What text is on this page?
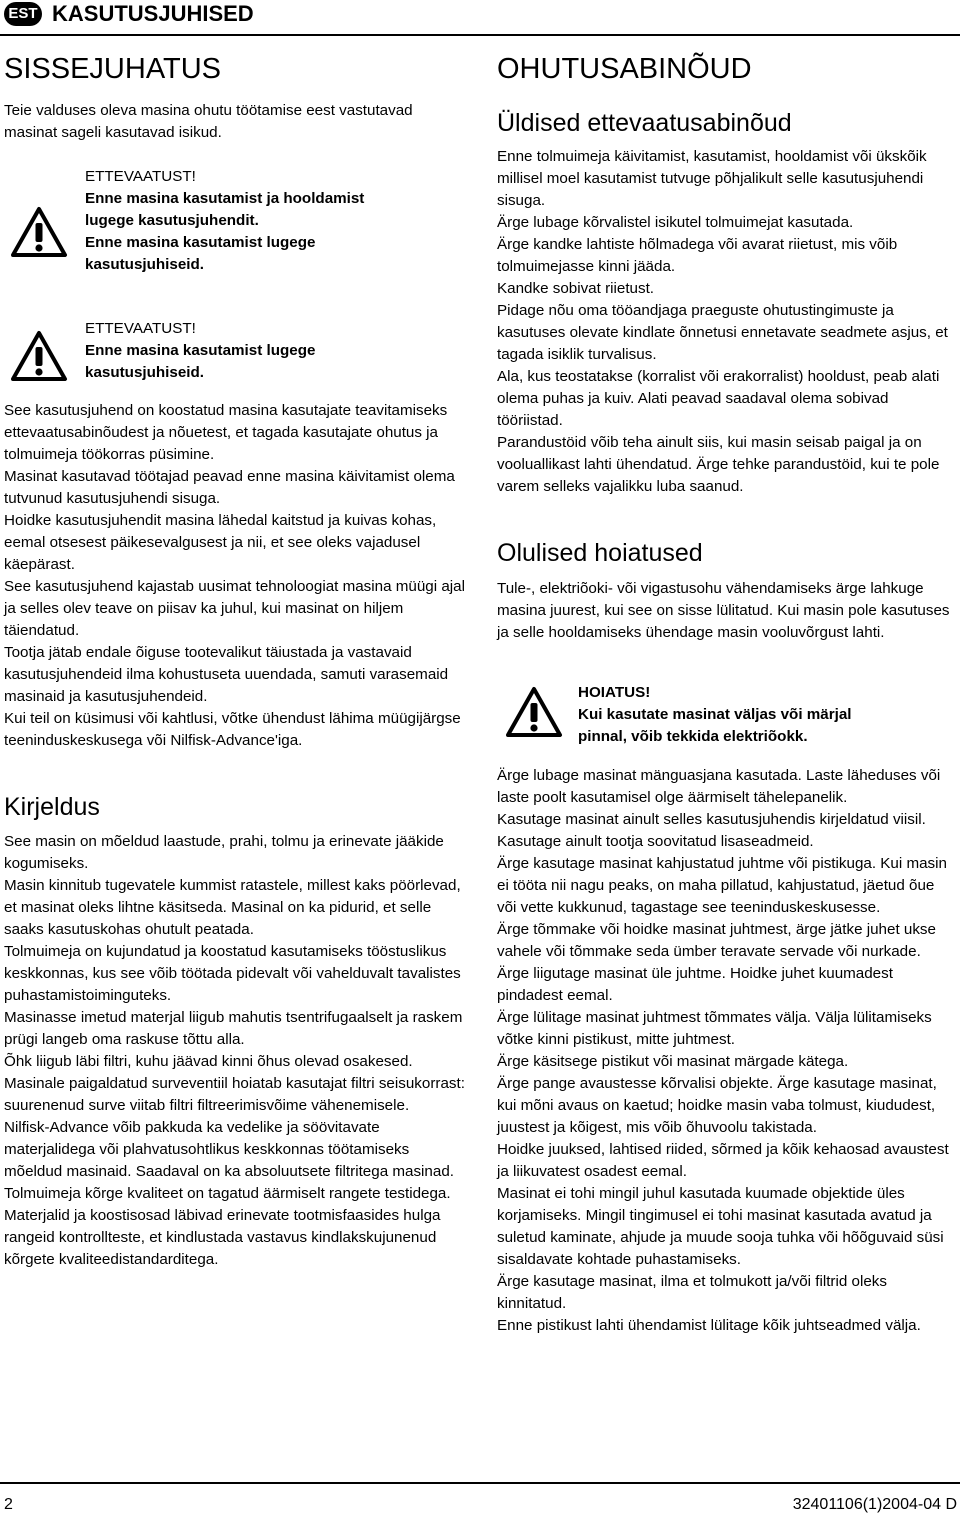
EST KASUTUSJUHISED
SISSEJUHATUS

Teie valduses oleva masina ohutu töötamise eest vastutavad masinat sageli kasutavad isikud.

ETTEVAATUST!
Enne masina kasutamist ja hooldamist
lugege kasutusjuhendit.
Enne masina kasutamist lugege
kasutusjuhiseid.
ETTEVAATUST!
Enne masina kasutamist lugege
kasutusjuhiseid.

See kasutusjuhend on koostatud masina kasutajate teavitamiseks ettevaatusabinõudest ja nõuetest, et tagada kasutajate ohutus ja tolmuimeja töökorras püsimine.

Masinat kasutavad töötajad peavad enne masina käivitamist olema tutvunud kasutusjuhendi sisuga.

Hoidke kasutusjuhendit masina lähedal kaitstud ja kuivas kohas, eemal otsesest päikesevalgusest ja nii, et see oleks vajadusel käepärast.

See kasutusjuhend kajastab uusimat tehnoloogiat masina müügi ajal ja selles olev teave on piisav ka juhul, kui masinat on hiljem täiendatud.

Tootja jätab endale õiguse tootevalikut täiustada ja vastavaid kasutusjuhendeid ilma kohustuseta uuendada, samuti varasemaid masinaid ja kasutusjuhendeid.

Kui teil on küsimusi või kahtlusi, võtke ühendust lähima müügijärgse teeninduskeskusega või Nilfisk-Advance'iga.

Kirjeldus

See masin on mõeldud laastude, prahi, tolmu ja erinevate jääkide kogumiseks.

Masin kinnitub tugevatele kummist ratastele, millest kaks pöörlevad, et masinat oleks lihtne käsitseda. Masinal on ka pidurid, et selle saaks kasutuskohas ohutult peatada.

Tolmuimeja on kujundatud ja koostatud kasutamiseks tööstuslikus keskkonnas, kus see võib töötada pidevalt või vahelduvalt tavalistes puhastamistoiminguteks.

Masinasse imetud materjal liigub mahutis tsentrifugaalselt ja raskem prügi langeb oma raskuse tõttu alla.

Õhk liigub läbi filtri, kuhu jäävad kinni õhus olevad osakesed.

Masinale paigaldatud surveventiil hoiatab kasutajat filtri seisukorrast: suurenenud surve viitab filtri filtreerimisvõime vähenemisele.

Nilfisk-Advance võib pakkuda ka vedelike ja söövitavate materjalidega või plahvatusohtlikus keskkonnas töötamiseks mõeldud masinaid. Saadaval on ka absoluutsete filtritega masinad.

Tolmuimeja kõrge kvaliteet on tagatud äärmiselt rangete testidega. Materjalid ja koostisosad läbivad erinevate tootmisfaasides hulga rangeid kontrollteste, et kindlustada vastavus kindlakskujunenud kõrgete kvaliteedistandarditega.

OHUTUSABINÕUD
Üldised ettevaatusabinõud

Enne tolmuimeja käivitamist, kasutamist, hooldamist või ükskõik millisel moel kasutamist tutvuge põhjalikult selle kasutusjuhendi sisuga.

Ärge lubage kõrvalistel isikutel tolmuimejat kasutada.

Ärge kandke lahtiste hõlmadega või avarat riietust, mis võib tolmuimejasse kinni jääda.

Kandke sobivat riietust.

Pidage nõu oma tööandjaga praeguste ohutustingimuste ja kasutuses olevate kindlate õnnetusi ennetavate seadmete asjus, et tagada isiklik turvalisus.

Ala, kus teostatakse (korralist või erakorralist) hooldust, peab alati olema puhas ja kuiv. Alati peavad saadaval olema sobivad tööriistad.

Parandustöid võib teha ainult siis, kui masin seisab paigal ja on vooluallikast lahti ühendatud. Ärge tehke parandustöid, kui te pole varem selleks vajalikku luba saanud.

Olulised hoiatused

Tule-, elektriõoki- või vigastusohu vähendamiseks ärge lahkuge masina juurest, kui see on sisse lülitatud. Kui masin pole kasutuses ja selle hooldamiseks ühendage masin vooluvõrgust lahti.

HOIATUS!
Kui kasutate masinat väljas või märjal
pinnal, võib tekkida elektriõokk.

Ärge lubage masinat mänguasjana kasutada. Laste läheduses või laste poolt kasutamisel olge äärmiselt tähelepanelik.

Kasutage masinat ainult selles kasutusjuhendis kirjeldatud viisil. Kasutage ainult tootja soovitatud lisaseadmeid.

Ärge kasutage masinat kahjustatud juhtme või pistikuga. Kui masin ei tööta nii nagu peaks, on maha pillatud, kahjustatud, jäetud õue või vette kukkunud, tagastage see teeninduskeskusesse.

Ärge tõmmake või hoidke masinat juhtmest, ärge jätke juhet ukse vahele või tõmmake seda ümber teravate servade või nurkade. Ärge liigutage masinat üle juhtme. Hoidke juhet kuumadest pindadest eemal.

Ärge lülitage masinat juhtmest tõmmates välja. Välja lülitamiseks võtke kinni pistikust, mitte juhtmest.

Ärge käsitsege pistikut või masinat märgade kätega.

Ärge pange avaustesse kõrvalisi objekte. Ärge kasutage masinat, kui mõni avaus on kaetud; hoidke masin vaba tolmust, kiududest, juustest ja kõigest, mis võib õhuvoolu takistada.

Hoidke juuksed, lahtised riided, sõrmed ja kõik kehaosad avaustest ja liikuvatest osadest eemal.

Masinat ei tohi mingil juhul kasutada kuumade objektide üles korjamiseks. Mingil tingimusel ei tohi masinat kasutada avatud ja suletud kaminate, ahjude ja muude sooja tuhka või hõõguvaid süsi sisaldavate kohtade puhastamiseks.

Ärge kasutage masinat, ilma et tolmukott ja/või filtrid oleks kinnitatud.

Enne pistikust lahti ühendamist lülitage kõik juhtseadmed välja.

2	32401106(1)2004-04 D
